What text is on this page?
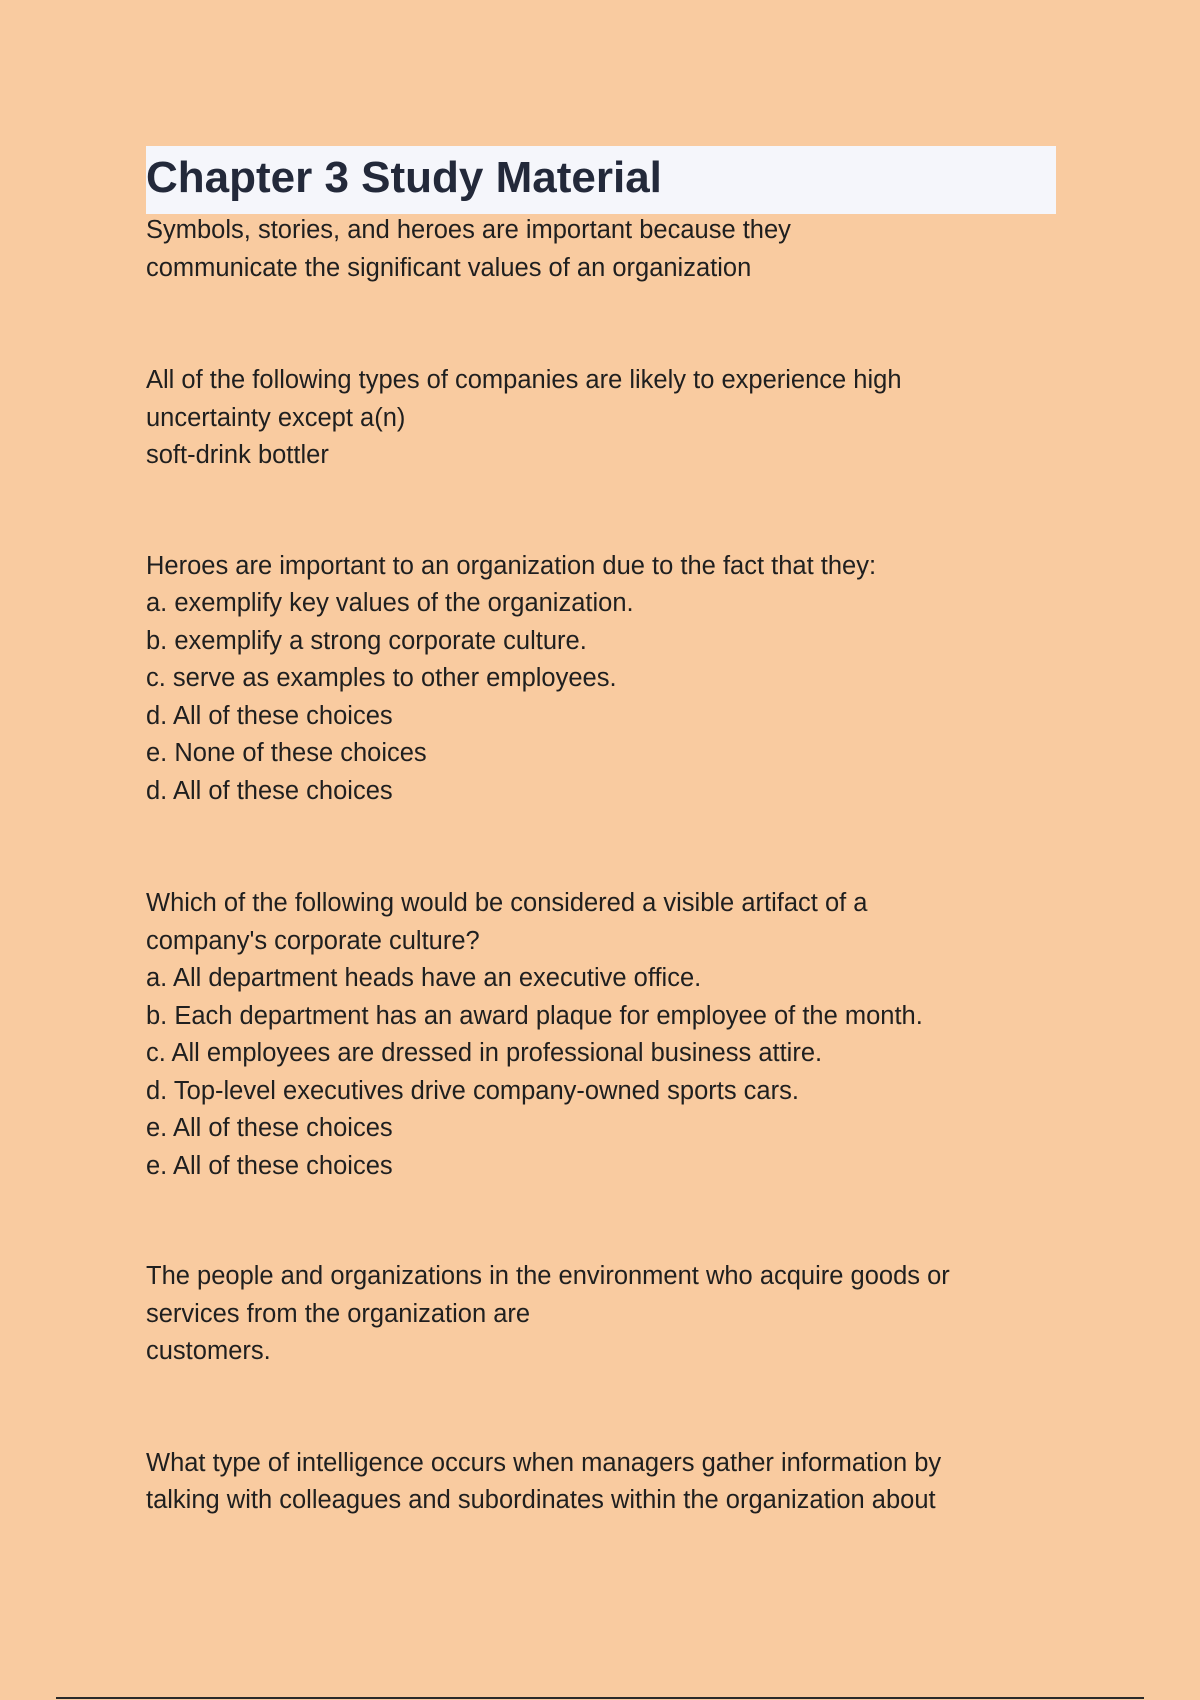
Chapter 3 Study Material

Symbols, stories, and heroes are important because they

communicate the significant values of an organization

All of the following types of companies are likely to experience high

uncertainty except a(n)

soft-drink bottler

Heroes are important to an organization due to the fact that they:

a. exemplify key values of the organization.

b. exemplify a strong corporate culture.

c. serve as examples to other employees.

d. All of these choices

e. None of these choices

d. All of these choices

Which of the following would be considered a visible artifact of a

company's corporate culture?

a. All department heads have an executive office.

b. Each department has an award plaque for employee of the month.

c. All employees are dressed in professional business attire.

d. Top-level executives drive company-owned sports cars.

e. All of these choices

e. All of these choices

The people and organizations in the environment who acquire goods or

services from the organization are

customers.

What type of intelligence occurs when managers gather information by

talking with colleagues and subordinates within the organization about
